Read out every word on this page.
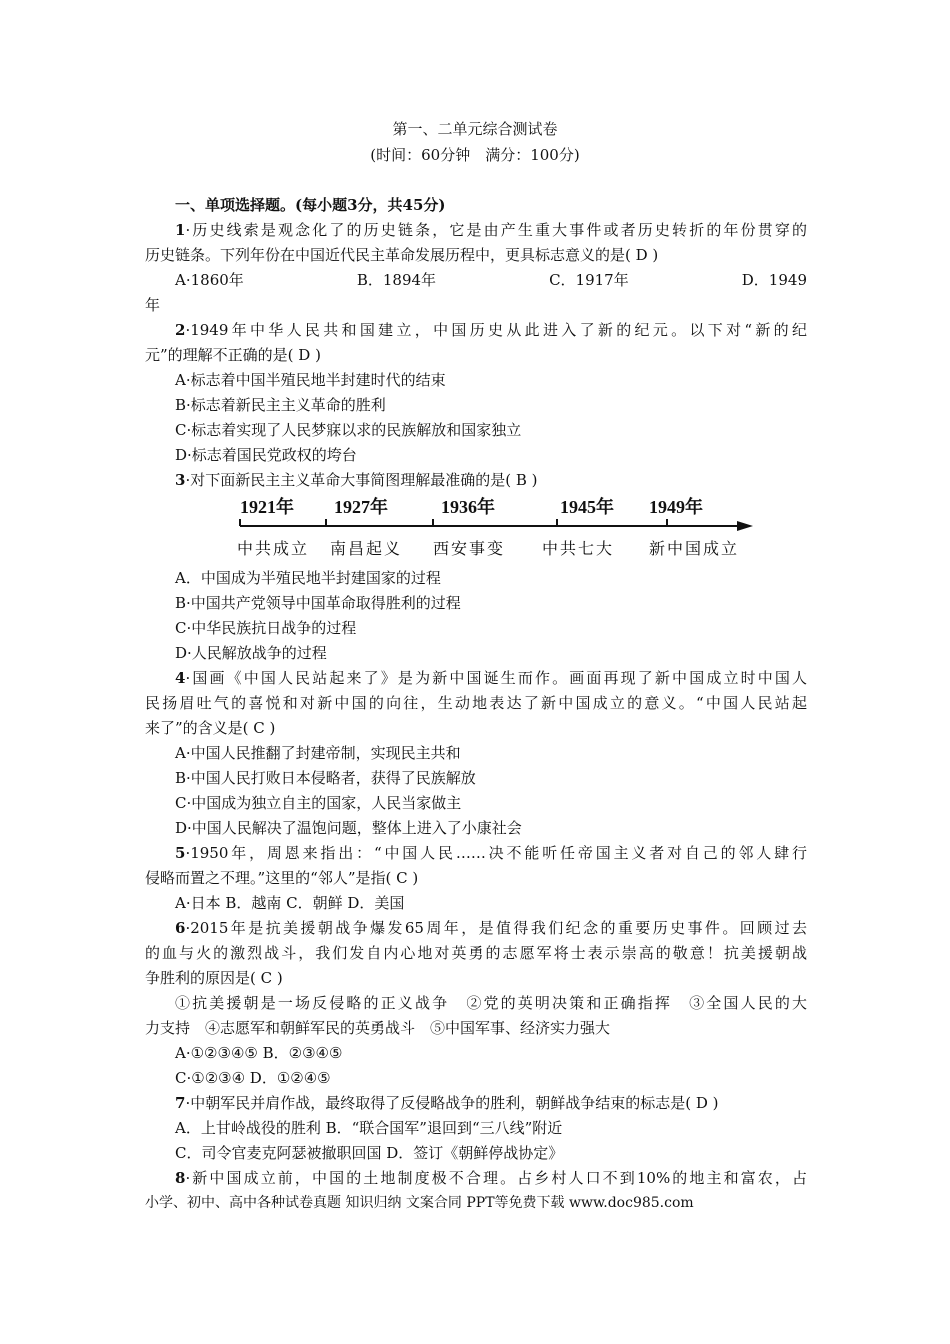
第一、二单元综合测试卷
(时间：60分钟　满分：100分)
一、单项选择题。(每小题3分，共45分)
1·历史线索是观念化了的历史链条，它是由产生重大事件或者历史转折的年份贯穿的
历史链条。下列年份在中国近代民主革命发展历程中，更具标志意义的是( D )
A·1860年	B．1894年	C．1917年	D．1949
年
2·1949年中华人民共和国建立，中国历史从此进入了新的纪元。以下对“新的纪
元”的理解不正确的是( D )
A·标志着中国半殖民地半封建时代的结束
B·标志着新民主主义革命的胜利
C·标志着实现了人民梦寐以求的民族解放和国家独立
D·标志着国民党政权的垮台
3·对下面新民主主义革命大事简图理解最准确的是( B )
1921年 1927年	1936年	1945年 1949年
中共成立 南昌起义 西安事变 中共七大 新中国成立
A．中国成为半殖民地半封建国家的过程
B·中国共产党领导中国革命取得胜利的过程
C·中华民族抗日战争的过程
D·人民解放战争的过程
4·国画《中国人民站起来了》是为新中国诞生而作。画面再现了新中国成立时中国人
民扬眉吐气的喜悦和对新中国的向往，生动地表达了新中国成立的意义。“中国人民站起
来了”的含义是( C )
A·中国人民推翻了封建帝制，实现民主共和
B·中国人民打败日本侵略者，获得了民族解放
C·中国成为独立自主的国家，人民当家做主
D·中国人民解决了温饱问题，整体上进入了小康社会
5·1950年，周恩来指出：“中国人民……决不能听任帝国主义者对自己的邻人肆行
侵略而置之不理。”这里的“邻人”是指( C )
A·日本 B．越南 C．朝鲜 D．美国
6·2015年是抗美援朝战争爆发65周年，是值得我们纪念的重要历史事件。回顾过去
的血与火的激烈战斗，我们发自内心地对英勇的志愿军将士表示崇高的敬意！抗美援朝战
争胜利的原因是( C )
①抗美援朝是一场反侵略的正义战争　②党的英明决策和正确指挥　③全国人民的大
力支持　④志愿军和朝鲜军民的英勇战斗　⑤中国军事、经济实力强大
A·①②③④⑤ B．②③④⑤
C·①②③④ D．①②④⑤
7·中朝军民并肩作战，最终取得了反侵略战争的胜利，朝鲜战争结束的标志是( D )
A．上甘岭战役的胜利 B．“联合国军”退回到“三八线”附近
C．司令官麦克阿瑟被撤职回国 D．签订《朝鲜停战协定》
8·新中国成立前，中国的土地制度极不合理。占乡村人口不到10%的地主和富农，占
小学、初中、高中各种试卷真题 知识归纳 文案合同 PPT等免费下载 www.doc985.com
